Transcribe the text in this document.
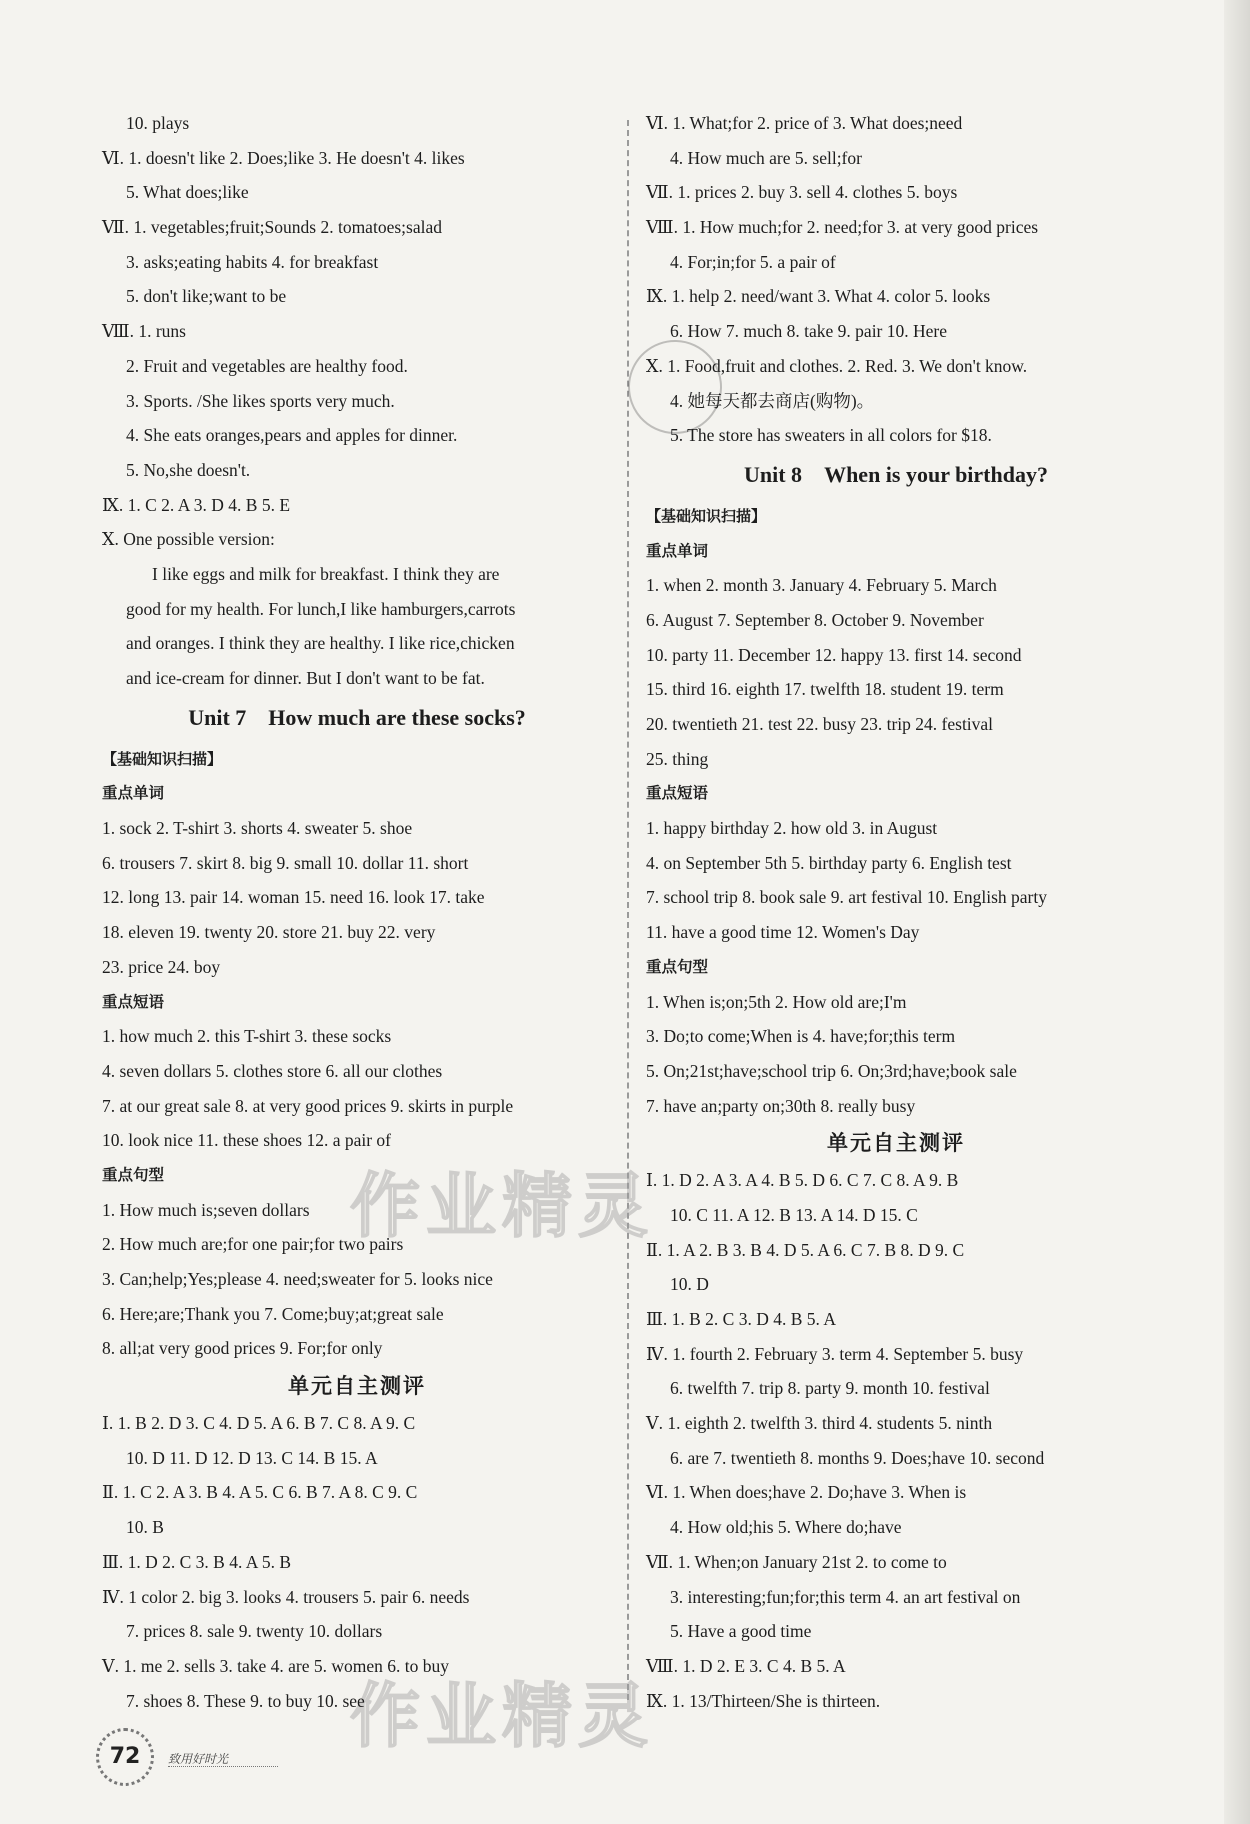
作业精灵
作业精灵
10. plays
Ⅵ. 1. doesn't like 2. Does;like 3. He doesn't 4. likes
5. What does;like
Ⅶ. 1. vegetables;fruit;Sounds 2. tomatoes;salad
3. asks;eating habits 4. for breakfast
5. don't like;want to be
Ⅷ. 1. runs
2. Fruit and vegetables are healthy food.
3. Sports. /She likes sports very much.
4. She eats oranges,pears and apples for dinner.
5. No,she doesn't.
Ⅸ. 1. C 2. A 3. D 4. B 5. E
Ⅹ. One possible version:
I like eggs and milk for breakfast. I think they are
good for my health. For lunch,I like hamburgers,carrots
and oranges. I think they are healthy. I like rice,chicken
and ice-cream for dinner. But I don't want to be fat.
Unit 7 How much are these socks?
【基础知识扫描】
重点单词
1. sock 2. T-shirt 3. shorts 4. sweater 5. shoe
6. trousers 7. skirt 8. big 9. small 10. dollar 11. short
12. long 13. pair 14. woman 15. need 16. look 17. take
18. eleven 19. twenty 20. store 21. buy 22. very
23. price 24. boy
重点短语
1. how much 2. this T-shirt 3. these socks
4. seven dollars 5. clothes store 6. all our clothes
7. at our great sale 8. at very good prices 9. skirts in purple
10. look nice 11. these shoes 12. a pair of
重点句型
1. How much is;seven dollars
2. How much are;for one pair;for two pairs
3. Can;help;Yes;please 4. need;sweater for 5. looks nice
6. Here;are;Thank you 7. Come;buy;at;great sale
8. all;at very good prices 9. For;for only
单元自主测评
Ⅰ. 1. B 2. D 3. C 4. D 5. A 6. B 7. C 8. A 9. C
10. D 11. D 12. D 13. C 14. B 15. A
Ⅱ. 1. C 2. A 3. B 4. A 5. C 6. B 7. A 8. C 9. C
10. B
Ⅲ. 1. D 2. C 3. B 4. A 5. B
Ⅳ. 1 color 2. big 3. looks 4. trousers 5. pair 6. needs
7. prices 8. sale 9. twenty 10. dollars
Ⅴ. 1. me 2. sells 3. take 4. are 5. women 6. to buy
7. shoes 8. These 9. to buy 10. see
Ⅵ. 1. What;for 2. price of 3. What does;need
4. How much are 5. sell;for
Ⅶ. 1. prices 2. buy 3. sell 4. clothes 5. boys
Ⅷ. 1. How much;for 2. need;for 3. at very good prices
4. For;in;for 5. a pair of
Ⅸ. 1. help 2. need/want 3. What 4. color 5. looks
6. How 7. much 8. take 9. pair 10. Here
Ⅹ. 1. Food,fruit and clothes. 2. Red. 3. We don't know.
4. 她每天都去商店(购物)。
5. The store has sweaters in all colors for $18.
Unit 8 When is your birthday?
【基础知识扫描】
重点单词
1. when 2. month 3. January 4. February 5. March
6. August 7. September 8. October 9. November
10. party 11. December 12. happy 13. first 14. second
15. third 16. eighth 17. twelfth 18. student 19. term
20. twentieth 21. test 22. busy 23. trip 24. festival
25. thing
重点短语
1. happy birthday 2. how old 3. in August
4. on September 5th 5. birthday party 6. English test
7. school trip 8. book sale 9. art festival 10. English party
11. have a good time 12. Women's Day
重点句型
1. When is;on;5th 2. How old are;I'm
3. Do;to come;When is 4. have;for;this term
5. On;21st;have;school trip 6. On;3rd;have;book sale
7. have an;party on;30th 8. really busy
单元自主测评
Ⅰ. 1. D 2. A 3. A 4. B 5. D 6. C 7. C 8. A 9. B
10. C 11. A 12. B 13. A 14. D 15. C
Ⅱ. 1. A 2. B 3. B 4. D 5. A 6. C 7. B 8. D 9. C
10. D
Ⅲ. 1. B 2. C 3. D 4. B 5. A
Ⅳ. 1. fourth 2. February 3. term 4. September 5. busy
6. twelfth 7. trip 8. party 9. month 10. festival
Ⅴ. 1. eighth 2. twelfth 3. third 4. students 5. ninth
6. are 7. twentieth 8. months 9. Does;have 10. second
Ⅵ. 1. When does;have 2. Do;have 3. When is
4. How old;his 5. Where do;have
Ⅶ. 1. When;on January 21st 2. to come to
3. interesting;fun;for;this term 4. an art festival on
5. Have a good time
Ⅷ. 1. D 2. E 3. C 4. B 5. A
Ⅸ. 1. 13/Thirteen/She is thirteen.
72	致用好时光
